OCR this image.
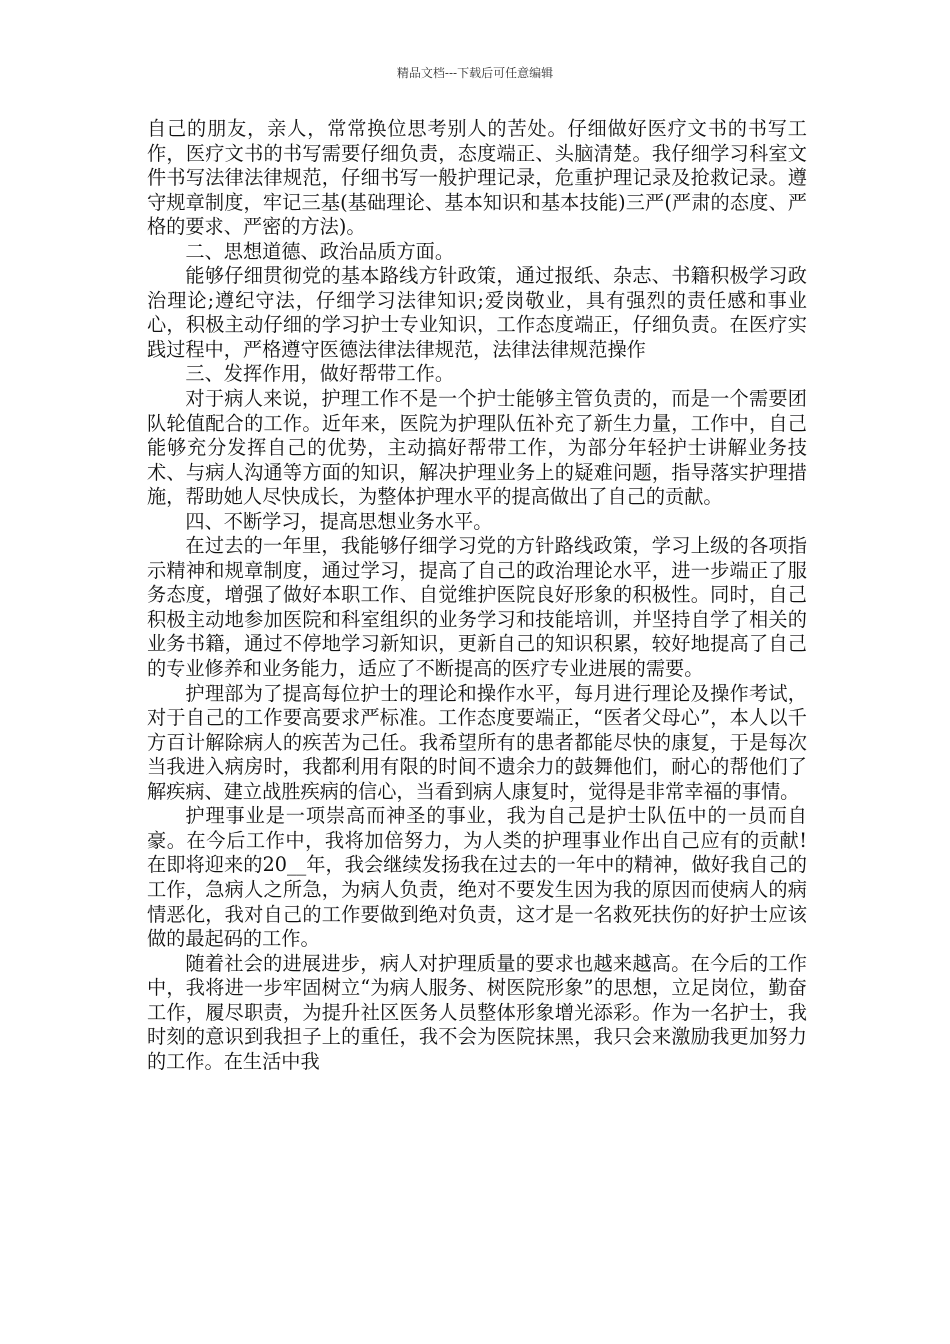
精品文档---下载后可任意编辑

自己的朋友，亲人，常常换位思考别人的苦处。仔细做好医疗文书的书写工作，医疗文书的书写需要仔细负责，态度端正、头脑清楚。我仔细学习科室文件书写法律法律规范，仔细书写一般护理记录，危重护理记录及抢救记录。遵守规章制度，牢记三基(基础理论、基本知识和基本技能)三严(严肃的态度、严格的要求、严密的方法)。

二、思想道德、政治品质方面。

能够仔细贯彻党的基本路线方针政策，通过报纸、杂志、书籍积极学习政治理论;遵纪守法，仔细学习法律知识;爱岗敬业，具有强烈的责任感和事业心，积极主动仔细的学习护士专业知识，工作态度端正，仔细负责。在医疗实践过程中，严格遵守医德法律法律规范，法律法律规范操作

三、发挥作用，做好帮带工作。

对于病人来说，护理工作不是一个护士能够主管负责的，而是一个需要团队轮值配合的工作。近年来，医院为护理队伍补充了新生力量，工作中，自己能够充分发挥自己的优势，主动搞好帮带工作，为部分年轻护士讲解业务技术、与病人沟通等方面的知识，解决护理业务上的疑难问题，指导落实护理措施，帮助她人尽快成长，为整体护理水平的提高做出了自己的贡献。

四、不断学习，提高思想业务水平。

在过去的一年里，我能够仔细学习党的方针路线政策，学习上级的各项指示精神和规章制度，通过学习，提高了自己的政治理论水平，进一步端正了服务态度，增强了做好本职工作、自觉维护医院良好形象的积极性。同时，自己积极主动地参加医院和科室组织的业务学习和技能培训，并坚持自学了相关的业务书籍，通过不停地学习新知识，更新自己的知识积累，较好地提高了自己的专业修养和业务能力，适应了不断提高的医疗专业进展的需要。

护理部为了提高每位护士的理论和操作水平，每月进行理论及操作考试，对于自己的工作要高要求严标准。工作态度要端正，“医者父母心”，本人以千方百计解除病人的疾苦为己任。我希望所有的患者都能尽快的康复，于是每次当我进入病房时，我都利用有限的时间不遗余力的鼓舞他们，耐心的帮他们了解疾病、建立战胜疾病的信心，当看到病人康复时，觉得是非常幸福的事情。

护理事业是一项崇高而神圣的事业，我为自己是护士队伍中的一员而自豪。在今后工作中，我将加倍努力，为人类的护理事业作出自己应有的贡献!在即将迎来的20__年，我会继续发扬我在过去的一年中的精神，做好我自己的工作，急病人之所急，为病人负责，绝对不要发生因为我的原因而使病人的病情恶化，我对自己的工作要做到绝对负责，这才是一名救死扶伤的好护士应该做的最起码的工作。

随着社会的进展进步，病人对护理质量的要求也越来越高。在今后的工作中，我将进一步牢固树立“为病人服务、树医院形象”的思想，立足岗位，勤奋工作，履尽职责，为提升社区医务人员整体形象增光添彩。作为一名护士，我时刻的意识到我担子上的重任，我不会为医院抹黑，我只会来激励我更加努力的工作。在生活中我
